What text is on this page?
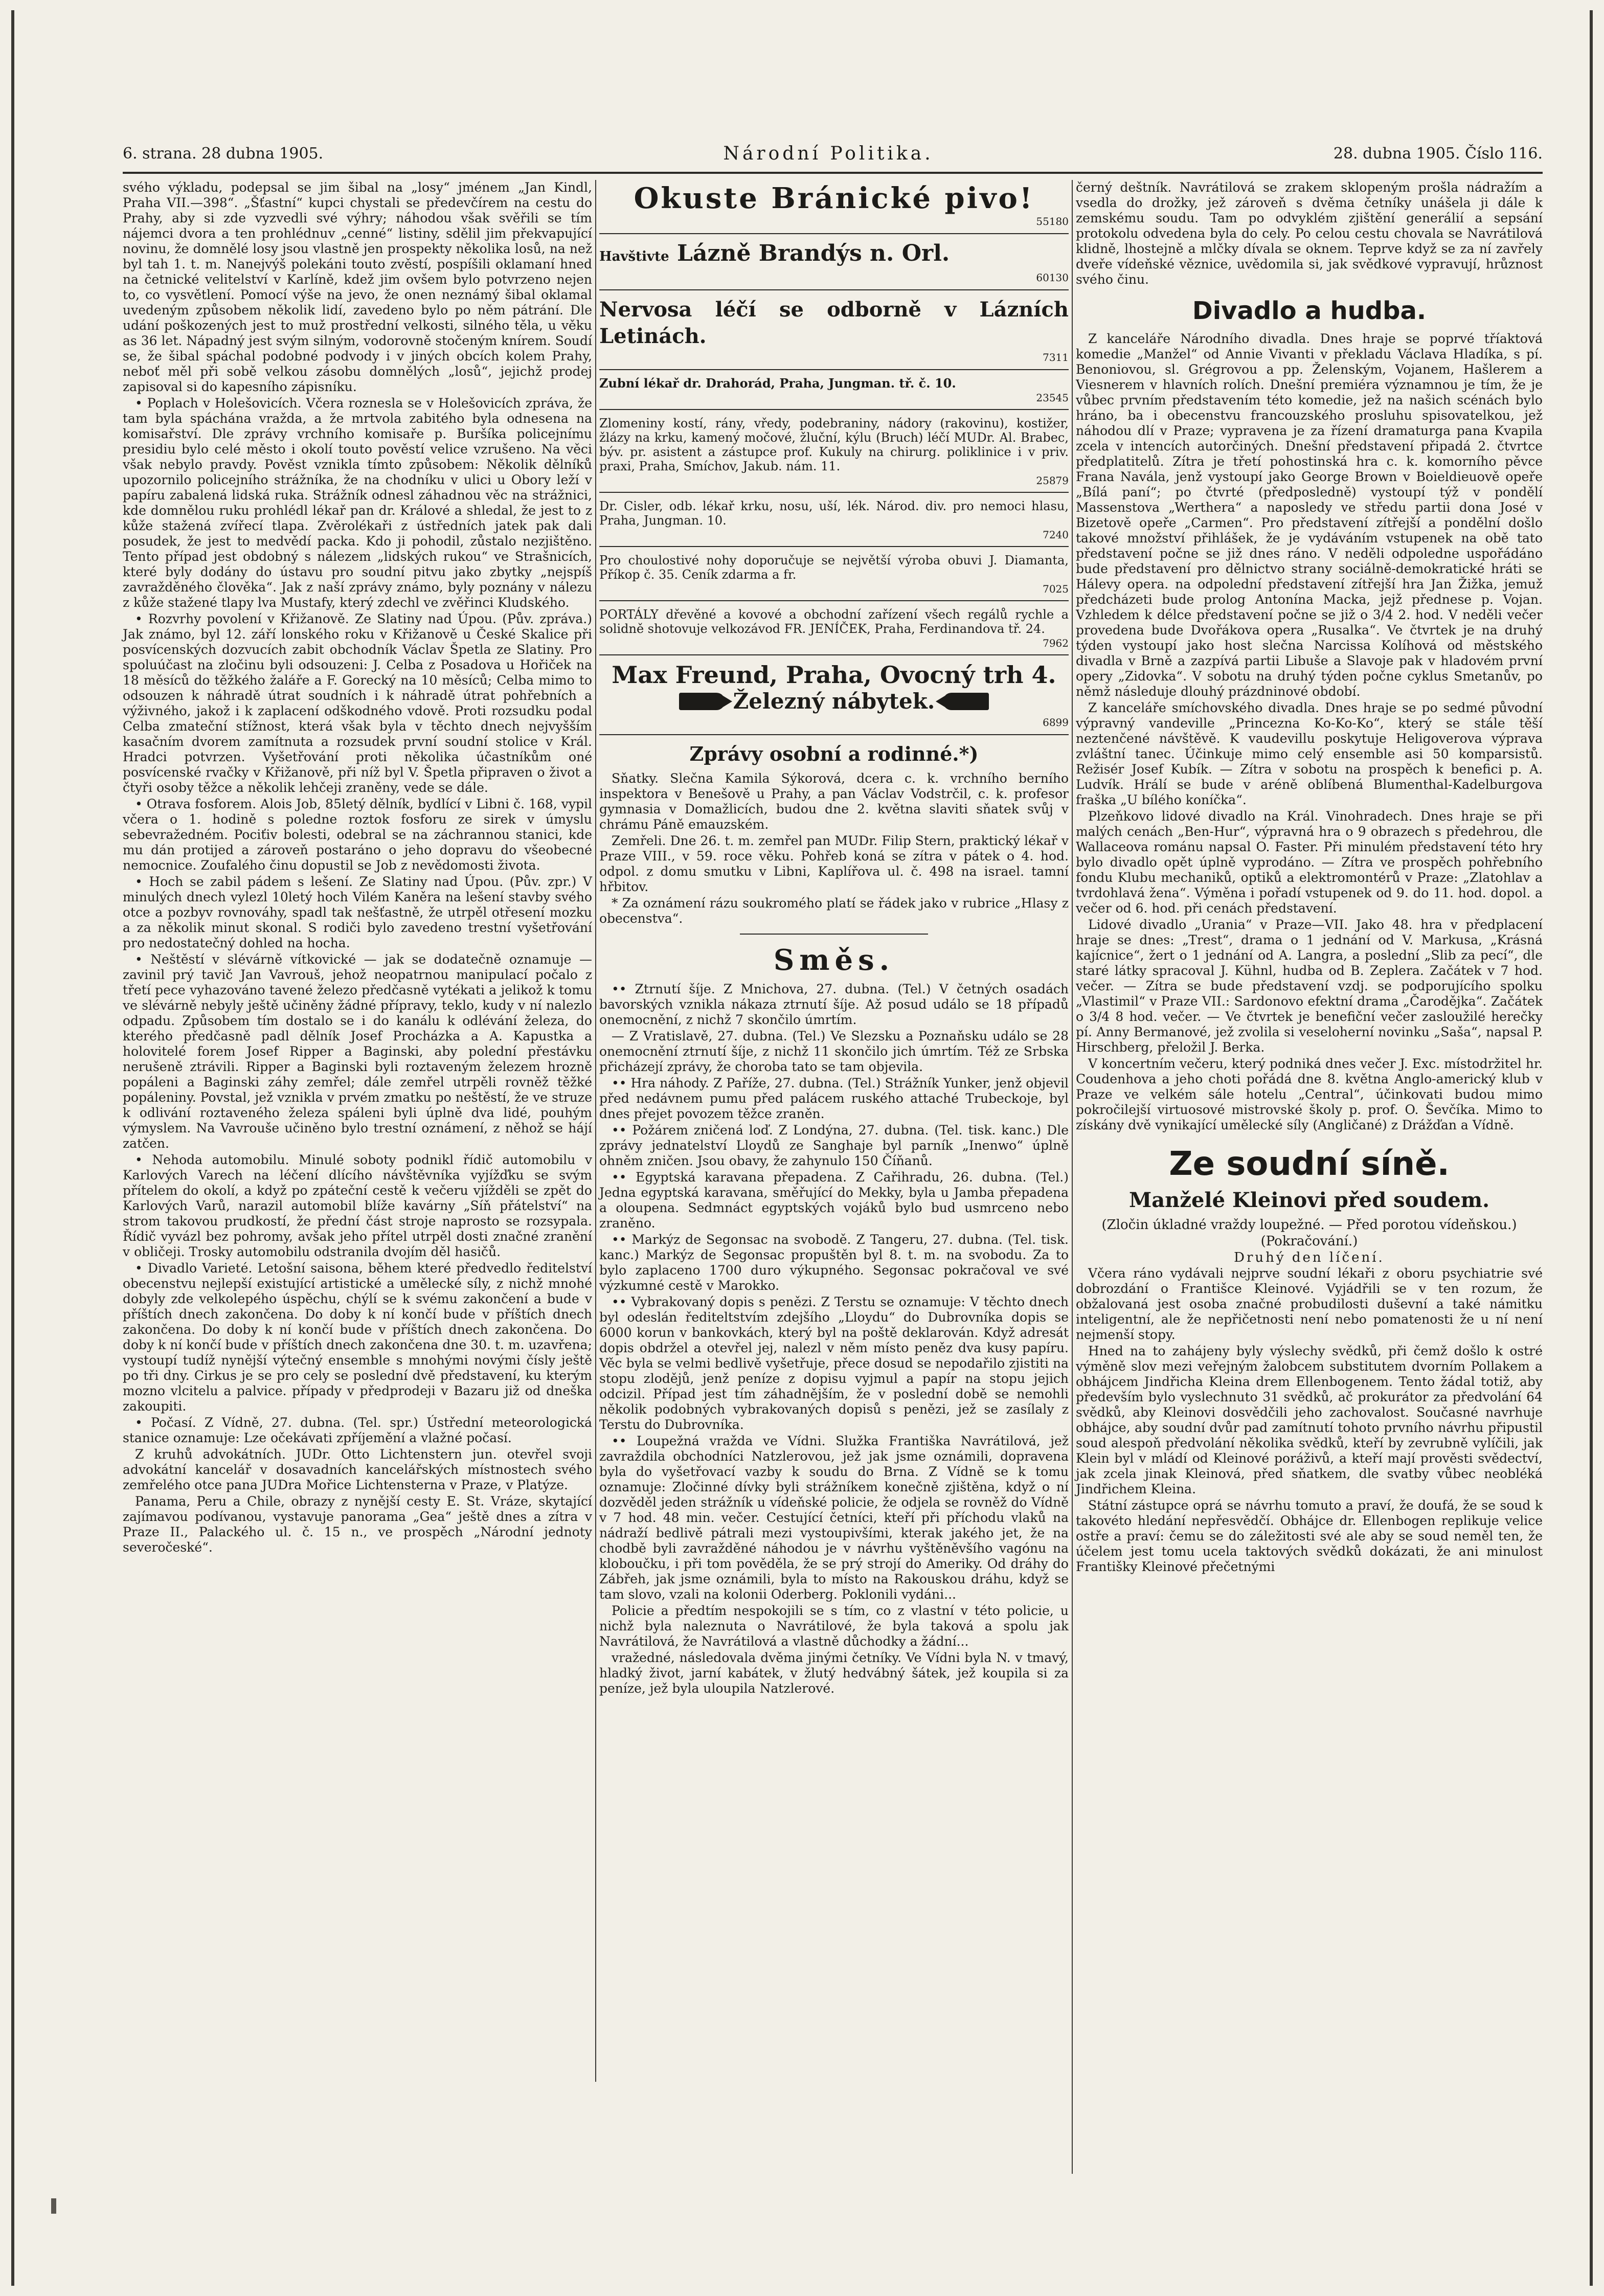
6. strana. 28 dubna 1905.	Národní Politika.	28. dubna 1905. Číslo 116.

svého výkladu, podepsal se jim šibal na „losy“ jménem „Jan Kindl, Praha VII.—398“. „Šťastní“ kupci chystali se předevčírem na cestu do Prahy, aby si zde vyzvedli své výhry; náhodou však svěřili se tím nájemci dvora a ten prohlédnuv „cenné“ listiny, sdělil jim překvapující novinu, že domnělé losy jsou vlastně jen prospekty několika losů, na než byl tah 1. t. m. Nanejvýš polekáni touto zvěstí, pospíšili oklamaní hned na četnické velitelství v Karlíně, kdež jim ovšem bylo potvrzeno nejen to, co vysvětlení. Pomocí výše na jevo, že onen neznámý šibal oklamal uvedeným způsobem několik lidí, zavedeno bylo po něm pátrání. Dle udání poškozených jest to muž prostřední velkosti, silného těla, u věku as 36 let. Nápadný jest svým silným, vodorovně stočeným knírem. Soudí se, že šibal spáchal podobné podvody i v jiných obcích kolem Prahy, neboť měl při sobě velkou zásobu domnělých „losů“, jejichž prodej zapisoval si do kapesního zápisníku.

• Poplach v Holešovicích. Včera roznesla se v Holešovicích zpráva, že tam byla spáchána vražda, a že mrtvola zabitého byla odnesena na komisařství. Dle zprávy vrchního komisaře p. Buršíka policejnímu presidiu bylo celé město i okolí touto pověstí velice vzrušeno. Na věci však nebylo pravdy. Pověst vznikla tímto způsobem: Několik dělníků upozornilo policejního strážníka, že na chodníku v ulici u Obory leží v papíru zabalená lidská ruka. Strážník odnesl záhadnou věc na strážnici, kde domnělou ruku prohlédl lékař pan dr. Králové a shledal, že jest to z kůže stažená zvířecí tlapa. Zvěrolékaři z ústředních jatek pak dali posudek, že jest to medvědí packa. Kdo ji pohodil, zůstalo nezjištěno. Tento případ jest obdobný s nálezem „lidských rukou“ ve Strašnicích, které byly dodány do ústavu pro soudní pitvu jako zbytky „nejspíš zavražděného člověka“. Jak z naší zprávy známo, byly poznány v nálezu z kůže stažené tlapy lva Mustafy, který zdechl ve zvěřinci Kludského.

• Rozvrhy povolení v Křižanově. Ze Slatiny nad Úpou. (Pův. zpráva.) Jak známo, byl 12. září lonského roku v Křižanově u České Skalice při posvícenských dozvucích zabit obchodník Václav Špetla ze Slatiny. Pro spoluúčast na zločinu byli odsouzeni: J. Celba z Posadova u Hořiček na 18 měsíců do těžkého žaláře a F. Gorecký na 10 měsíců; Celba mimo to odsouzen k náhradě útrat soudních i k náhradě útrat pohřebních a výživného, jakož i k zaplacení odškodného vdově. Proti rozsudku podal Celba zmateční stížnost, která však byla v těchto dnech nejvyšším kasačním dvorem zamítnuta a rozsudek první soudní stolice v Král. Hradci potvrzen. Vyšetřování proti několika účastníkům oné posvícenské rvačky v Křižanově, při níž byl V. Špetla připraven o život a čtyři osoby těžce a několik lehčeji zraněny, vede se dále.

• Otrava fosforem. Alois Job, 85letý dělník, bydlící v Libni č. 168, vypil včera o 1. hodině s poledne roztok fosforu ze sirek v úmyslu sebevražedném. Pociťiv bolesti, odebral se na záchrannou stanici, kde mu dán protijed a zároveň postaráno o jeho dopravu do všeobecné nemocnice. Zoufalého činu dopustil se Job z nevědomosti života.

• Hoch se zabil pádem s lešení. Ze Slatiny nad Úpou. (Pův. zpr.) V minulých dnech vylezl 10letý hoch Vilém Kaněra na lešení stavby svého otce a pozbyv rovnováhy, spadl tak nešťastně, že utrpěl otřesení mozku a za několik minut skonal. S rodiči bylo zavedeno trestní vyšetřování pro nedostatečný dohled na hocha.

• Neštěstí v slévárně vítkovické — jak se dodatečně oznamuje — zavinil prý tavič Jan Vavrouš, jehož neopatrnou manipulací počalo z třetí pece vyhazováno tavené železo předčasně vytékati a jelikož k tomu ve slévárně nebyly ještě učiněny žádné přípravy, teklo, kudy v ní nalezlo odpadu. Způsobem tím dostalo se i do kanálu k odlévání železa, do kterého předčasně padl dělník Josef Procházka a A. Kapustka a holovitelé forem Josef Ripper a Baginski, aby polední přestávku nerušeně ztrávili. Ripper a Baginski byli roztaveným železem hrozně popáleni a Baginski záhy zemřel; dále zemřel utrpěli rovněž těžké popáleniny. Povstal, jež vznikla v prvém zmatku po neštěstí, že ve struze k odlivání roztaveného železa spáleni byli úplně dva lidé, pouhým výmyslem. Na Vavrouše učiněno bylo trestní oznámení, z něhož se hájí zatčen.

• Nehoda automobilu. Minulé soboty podnikl řídič automobilu v Karlových Varech na léčení dlícího návštěvníka vyjížďku se svým přítelem do okolí, a když po zpáteční cestě k večeru vjížděli se zpět do Karlových Varů, narazil automobil blíže kavárny „Síň přátelství“ na strom takovou prudkostí, že přední část stroje naprosto se rozsypala. Řídič vyvázl bez pohromy, avšak jeho přítel utrpěl dosti značné zranění v obličeji. Trosky automobilu odstranila dvojím děl hasičů.

• Divadlo Varieté. Letošní saisona, během které předvedlo ředitelství obecenstvu nejlepší existující artistické a umělecké síly, z nichž mnohé dobyly zde velkolepého úspěchu, chýlí se k svému zakončení a bude v příštích dnech zakončena. Do doby k ní končí bude v příštích dnech zakončena. Do doby k ní končí bude v příštích dnech zakončena. Do doby k ní končí bude v příštích dnech zakončena dne 30. t. m. uzavřena; vystoupí tudíž nynější výtečný ensemble s mnohými novými čísly ještě po tři dny. Cirkus je se pro cely se poslední dvě představení, ku kterým mozno vlcitelu a palvice. případy v předprodeji v Bazaru již od dneška zakoupiti.

• Počasí. Z Vídně, 27. dubna. (Tel. spr.) Ústřední meteorologická stanice oznamuje: Lze očekávati zpříjemění a vlažné počasí.

Z kruhů advokátních. JUDr. Otto Lichtenstern jun. otevřel svoji advokátní kancelář v dosavadních kancelářských místnostech svého zemřelého otce pana JUDra Mořice Lichtensterna v Praze, v Platýze.

Panama, Peru a Chile, obrazy z nynější cesty E. St. Vráze, skytající zajímavou podívanou, vystavuje panorama „Gea“ ještě dnes a zítra v Praze II., Palackého ul. č. 15 n., ve prospěch „Národní jednoty severočeské“.

Okuste Bránické pivo!
55180
Havštivte Lázně Brandýs n. Orl.
60130
Nervosa léčí se odborně v Lázních Letinách.
7311
Zubní lékař dr. Drahorád, Praha, Jungman. tř. č. 10.
23545
Zlomeniny kostí, rány, vředy, podebraniny, nádory (rakovinu), kostižer, žlázy na krku, kamený močové, žluční, kýlu (Bruch) léčí MUDr. Al. Brabec, býv. pr. asistent a zástupce prof. Kukuly na chirurg. poliklinice i v priv. praxi, Praha, Smíchov, Jakub. nám. 11.
25879
Dr. Cisler, odb. lékař krku, nosu, uší, lék. Národ. div. pro nemoci hlasu, Praha, Jungman. 10.
7240
Pro choulostivé nohy doporučuje se největší výroba obuvi J. Diamanta, Příkop č. 35. Ceník zdarma a fr.
7025
PORTÁLY dřevěné a kovové a obchodní zařízení všech regálů rychle a solidně shotovuje velkozávod FR. JENÍČEK, Praha, Ferdinandova tř. 24.
7962
Max Freund, Praha, Ovocný trh 4.
Železný nábytek.
6899
Zprávy osobní a rodinné.*)

Sňatky. Slečna Kamila Sýkorová, dcera c. k. vrchního berního inspektora v Benešově u Prahy, a pan Václav Vodstrčil, c. k. profesor gymnasia v Domažlicích, budou dne 2. května slaviti sňatek svůj v chrámu Páně emauzském.

Zemřeli. Dne 26. t. m. zemřel pan MUDr. Filip Stern, praktický lékař v Praze VIII., v 59. roce věku. Pohřeb koná se zítra v pátek o 4. hod. odpol. z domu smutku v Libni, Kaplířova ul. č. 498 na israel. tamní hřbitov.

* Za oznámení rázu soukromého platí se řádek jako v rubrice „Hlasy z obecenstva“.

Směs.

•• Ztrnutí šíje. Z Mnichova, 27. dubna. (Tel.) V četných osadách bavorských vznikla nákaza ztrnutí šíje. Až posud událo se 18 případů onemocnění, z nichž 7 skončilo úmrtím.

— Z Vratislavě, 27. dubna. (Tel.) Ve Slezsku a Poznaňsku událo se 28 onemocnění ztrnutí šíje, z nichž 11 skončilo jich úmrtím. Též ze Srbska přicházejí zprávy, že choroba tato se tam objevila.

•• Hra náhody. Z Paříže, 27. dubna. (Tel.) Strážník Yunker, jenž objevil před nedávnem pumu před palácem ruského attaché Trubeckoje, byl dnes přejet povozem těžce zraněn.

•• Požárem zničená loď. Z Londýna, 27. dubna. (Tel. tisk. kanc.) Dle zprávy jednatelství Lloydů ze Sanghaje byl parník „Inenwo“ úplně ohněm zničen. Jsou obavy, že zahynulo 150 Číňanů.

•• Egyptská karavana přepadena. Z Cařihradu, 26. dubna. (Tel.) Jedna egyptská karavana, směřující do Mekky, byla u Jamba přepadena a oloupena. Sedmnáct egyptských vojáků bylo bud usmrceno nebo zraněno.

•• Markýz de Segonsac na svobodě. Z Tangeru, 27. dubna. (Tel. tisk. kanc.) Markýz de Segonsac propuštěn byl 8. t. m. na svobodu. Za to bylo zaplaceno 1700 duro výkupného. Segonsac pokračoval ve své výzkumné cestě v Marokko.

•• Vybrakovaný dopis s penězi. Z Terstu se oznamuje: V těchto dnech byl odeslán řediteltstvím zdejšího „Lloydu“ do Dubrovníka dopis se 6000 korun v bankovkách, který byl na poště deklarován. Když adresát dopis obdržel a otevřel jej, nalezl v něm místo peněz dva kusy papíru. Věc byla se velmi bedlivě vyšetřuje, přece dosud se nepodařilo zjistiti na stopu zlodějů, jenž peníze z dopisu vyjmul a papír na stopu jejich odcizil. Případ jest tím záhadnějším, že v poslední době se nemohli několik podobných vybrakovaných dopisů s penězi, jež se zasílaly z Terstu do Dubrovníka.

•• Loupežná vražda ve Vídni. Služka Františka Navrátilová, jež zavraždila obchodníci Natzlerovou, jež jak jsme oznámili, dopravena byla do vyšetřovací vazby k soudu do Brna. Z Vídně se k tomu oznamuje: Zločinné dívky byli strážníkem konečně zjištěna, když o ní dozvěděl jeden strážník u vídeňské policie, že odjela se rovněž do Vídně v 7 hod. 48 min. večer. Cestující četníci, kteří při příchodu vlaků na nádraží bedlivě pátrali mezi vystoupivšími, kterak jakého jet, že na chodbě byli zavražděné náhodou je v návrhu vyštěněvšího vagónu na kloboučku, i při tom pověděla, že se prý strojí do Ameriky. Od dráhy do Zábřeh, jak jsme oznámili, byla to místo na Rakouskou dráhu, když se tam slovo, vzali na kolonii Oderberg. Poklonili vydáni...

Policie a předtím nespokojili se s tím, co z vlastní v této policie, u nichž byla naleznuta o Navrátilové, že byla taková a spolu jak Navrátilová, že Navrátilová a vlastně důchodky a žádní...

vražedné, následovala dvěma jinými četníky. Ve Vídni byla N. v tmavý, hladký život, jarní kabátek, v žlutý hedvábný šátek, jež koupila si za peníze, jež byla uloupila Natzlerové.

černý deštník. Navrátilová se zrakem sklopeným prošla nádražím a vsedla do drožky, jež zároveň s dvěma četníky unášela ji dále k zemskému soudu. Tam po odvyklém zjištění generálií a sepsání protokolu odvedena byla do cely. Po celou cestu chovala se Navrátilová klidně, lhostejně a mlčky dívala se oknem. Teprve když se za ní zavřely dveře vídeňské věznice, uvědomila si, jak svědkové vypravují, hrůznost svého činu.

Divadlo a hudba.

Z kanceláře Národního divadla. Dnes hraje se poprvé tříaktová komedie „Manžel“ od Annie Vivanti v překladu Václava Hladíka, s pí. Benoniovou, sl. Grégrovou a pp. Želenským, Vojanem, Hašlerem a Viesnerem v hlavních rolích. Dnešní premiéra významnou je tím, že je vůbec prvním představením této komedie, jež na našich scénách bylo hráno, ba i obecenstvu francouzského prosluhu spisovatelkou, jež náhodou dlí v Praze; vypravena je za řízení dramaturga pana Kvapila zcela v intencích autorčiných. Dnešní představení připadá 2. čtvrtce předplatitelů. Zítra je třetí pohostinská hra c. k. komorního pěvce Frana Navála, jenž vystoupí jako George Brown v Boieldieuově opeře „Bílá paní“; po čtvrté (předposledně) vystoupí týž v pondělí Massenstova „Werthera“ a naposledy ve středu partii dona José v Bizetově opeře „Carmen“. Pro představení zítřejší a pondělní došlo takové množství přihlášek, že je vydáváním vstupenek na obě tato představení počne se již dnes ráno. V neděli odpoledne uspořádáno bude představení pro dělnictvo strany sociálně-demokratické hráti se Hálevy opera. na odpolední představení zítřejší hra Jan Žižka, jemuž předcházeti bude prolog Antonína Macka, jejž přednese p. Vojan. Vzhledem k délce představení počne se již o 3/4 2. hod. V neděli večer provedena bude Dvořákova opera „Rusalka“. Ve čtvrtek je na druhý týden vystoupí jako host slečna Narcissa Kolíhová od městského divadla v Brně a zazpívá partii Libuše a Slavoje pak v hladovém první opery „Zidovka“. V sobotu na druhý týden počne cyklus Smetanův, po němž následuje dlouhý prázdninové období.

Z kanceláře smíchovského divadla. Dnes hraje se po sedmé původní výpravný vandeville „Princezna Ko-Ko-Ko“, který se stále těší neztenčené návštěvě. K vaudevillu poskytuje Heligoverova výprava zvláštní tanec. Účinkuje mimo celý ensemble asi 50 komparsistů. Režisér Josef Kubík. — Zítra v sobotu na prospěch k benefici p. A. Ludvík. Hrálí se bude v aréně oblíbená Blumenthal-Kadelburgova fraška „U bílého koníčka“.

Plzeňkovo lidové divadlo na Král. Vinohradech. Dnes hraje se při malých cenách „Ben-Hur“, výpravná hra o 9 obrazech s předehrou, dle Wallaceova románu napsal O. Faster. Při minulém představení této hry bylo divadlo opět úplně vyprodáno. — Zítra ve prospěch pohřebního fondu Klubu mechaniků, optiků a elektromontérů v Praze: „Zlatohlav a tvrdohlavá žena“. Výměna i pořadí vstupenek od 9. do 11. hod. dopol. a večer od 6. hod. při cenách představení.

Lidové divadlo „Urania“ v Praze—VII. Jako 48. hra v předplacení hraje se dnes: „Trest“, drama o 1 jednání od V. Markusa, „Krásná kajícnice“, žert o 1 jednání od A. Langra, a poslední „Slib za pecí“, dle staré látky spracoval J. Kühnl, hudba od B. Zeplera. Začátek v 7 hod. večer. — Zítra se bude představení vzdj. se podporujícího spolku „Vlastimil“ v Praze VII.: Sardonovo efektní drama „Čarodějka“. Začátek o 3/4 8 hod. večer. — Ve čtvrtek je benefiční večer zasloužilé herečky pí. Anny Bermanové, jež zvolila si veseloherní novinku „Saša“, napsal P. Hirschberg, přeložil J. Berka.

V koncertním večeru, který podniká dnes večer J. Exc. místodržitel hr. Coudenhova a jeho choti pořádá dne 8. května Anglo-americký klub v Praze ve velkém sále hotelu „Central“, účinkovati budou mimo pokročilejší virtuosové mistrovské školy p. prof. O. Ševčíka. Mimo to získány dvě vynikající umělecké síly (Angličané) z Drážďan a Vídně.

Ze soudní síně.
Manželé Kleinovi před soudem.
(Zločin úkladné vraždy loupežné. — Před porotou vídeňskou.)
(Pokračování.)
Druhý den líčení.

Včera ráno vydávali nejprve soudní lékaři z oboru psychiatrie své dobrozdání o Františce Kleinové. Vyjádřili se v ten rozum, že obžalovaná jest osoba značné probudilosti duševní a také námitku inteligentní, ale že nepřičetnosti není nebo pomatenosti že u ní není nejmenší stopy.

Hned na to zahájeny byly výslechy svědků, při čemž došlo k ostré výměně slov mezi veřejným žalobcem substitutem dvorním Pollakem a obhájcem Jindřicha Kleina drem Ellenbogenem. Tento žádal totiž, aby především bylo vyslechnuto 31 svědků, ač prokurátor za předvolání 64 svědků, aby Kleinovi dosvědčili jeho zachovalost. Současné navrhuje obhájce, aby soudní dvůr pad zamítnutí tohoto prvního návrhu připustil soud alespoň předvolání několika svědků, kteří by zevrubně vylíčili, jak Klein byl v mládí od Kleinové poráživů, a kteří mají prověsti svědectví, jak zcela jinak Kleinová, před sňatkem, dle svatby vůbec neobléká Jindřichem Kleina.

Státní zástupce oprá se návrhu tomuto a praví, že doufá, že se soud k takovéto hledání nepřesvědčí. Obhájce dr. Ellenbogen replikuje velice ostře a praví: čemu se do záležitosti své ale aby se soud neměl ten, že účelem jest tomu ucela taktových svědků dokázati, že ani minulost Františky Kleinové přečetnými
